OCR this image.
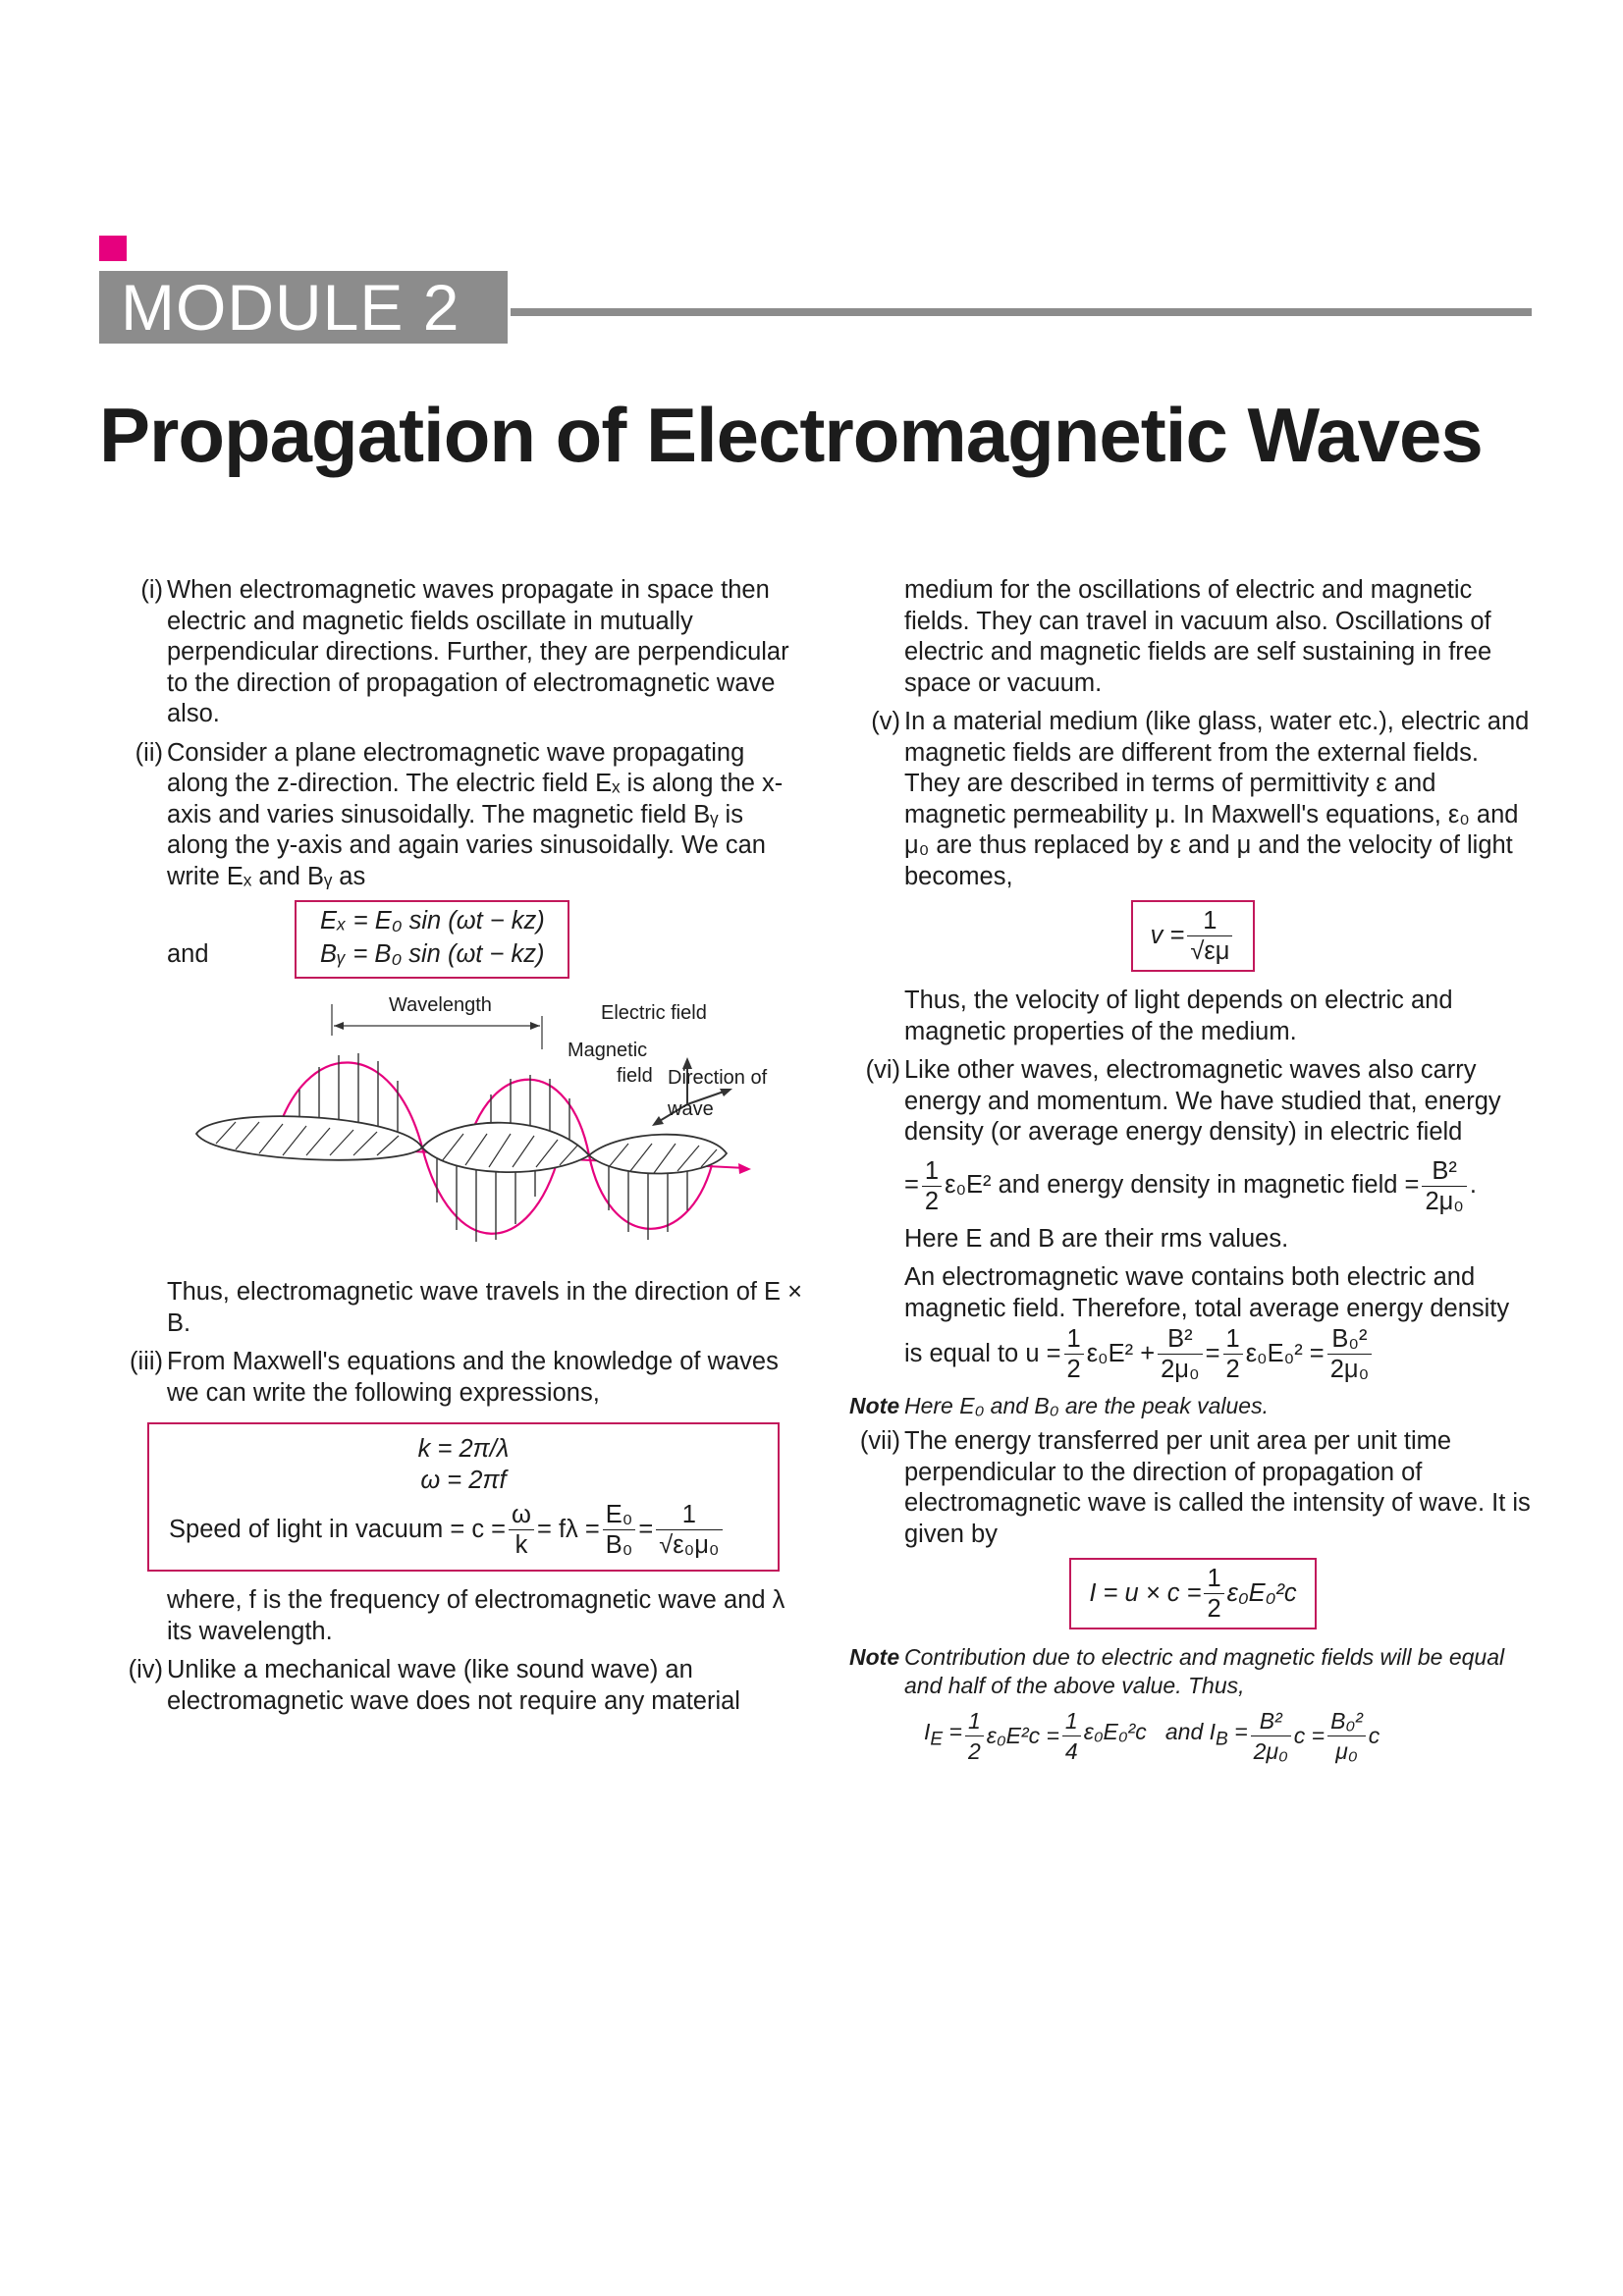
MODULE 2
Propagation of Electromagnetic Waves
(i) When electromagnetic waves propagate in space then electric and magnetic fields oscillate in mutually perpendicular directions. Further, they are perpendicular to the direction of propagation of electromagnetic wave also.
(ii) Consider a plane electromagnetic wave propagating along the z-direction. The electric field Eₓ is along the x-axis and varies sinusoidally. The magnetic field Bᵧ is along the y-axis and again varies sinusoidally. We can write Eₓ and Bᵧ as
Eₓ = E₀ sin (ωt − kz)
and	Bᵧ = B₀ sin (ωt − kz)
Wavelength	Electric field
Magnetic
field Direction of wave
Thus, electromagnetic wave travels in the direction of E × B.
(iii) From Maxwell's equations and the knowledge of waves we can write the following expressions,
k = 2π/λ
ω = 2πf
Speed of light in vacuum = $c = \frac{\omega}{k} = f\lambda = \frac{\text{E₀}}{\text{B₀}} = \frac{1}{\text{√ε₀μ₀}}$
where, f is the frequency of electromagnetic wave and λ its wavelength.
(iv) Unlike a mechanical wave (like sound wave) an electromagnetic wave does not require any material
medium for the oscillations of electric and magnetic fields. They can travel in vacuum also. Oscillations of electric and magnetic fields are self sustaining in free space or vacuum.
(v) In a material medium (like glass, water etc.), electric and magnetic fields are different from the external fields. They are described in terms of permittivity ε and magnetic permeability μ. In Maxwell's equations, ε₀ and μ₀ are thus replaced by ε and μ and the velocity of light becomes,
$v = \frac{1}{√\varepsilon\mu}$
Thus, the velocity of light depends on electric and magnetic properties of the medium.
(vi) Like other waves, electromagnetic waves also carry energy and momentum. We have studied that, energy density (or average energy density) in electric field
= $\frac{1}{2} \varepsilon_0E^2$ and energy density in magnetic field = $\frac{\text{B²}}{\text{2μ₀}}$ .
Here E and B are their rms values.
An electromagnetic wave contains both electric and magnetic field. Therefore, total average energy density
is equal to $u = \frac{1}{2} \varepsilon_0E^2 + \frac{\text{B²}}{\text{2μ₀}} = \frac{1}{2} \varepsilon_0E_0^2 = \frac{\text{B₀²}}{\text{2μ₀}}$
Note Here E₀ and B₀ are the peak values.
(vii) The energy transferred per unit area per unit time perpendicular to the direction of propagation of electromagnetic wave is called the intensity of wave. It is given by
$I = u \times c = \frac{1}{2} \varepsilon_0E_0^2c$
Note Contribution due to electric and magnetic fields will be equal and half of the above value. Thus,
$I_E = \frac{1}{2} \varepsilon_0E^2c = \frac{1}{4} \varepsilon_0E_0^2c$   and $I_B = \frac{\text{B²}}{\text{2μ₀}}$ $c = \frac{\text{B₀²}}{\text{μ₀}}$ c
